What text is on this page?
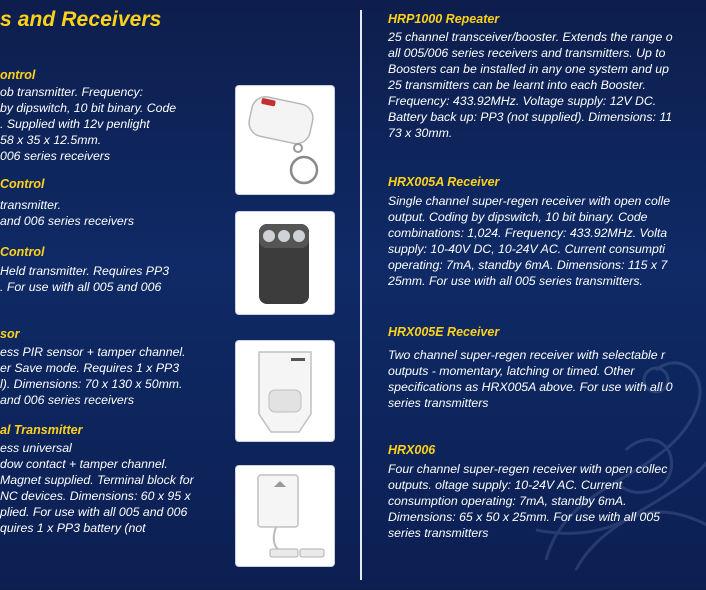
s and Receivers
ontrol
ob transmitter. Frequency:
by dipswitch, 10 bit binary. Code
. Supplied with 12v penlight
58 x 35 x 12.5mm.
006 series receivers
Control
transmitter.
and 006 series receivers
Control
Held transmitter. Requires PP3
. For use with all 005 and 006
sor
ess PIR sensor + tamper channel.
er Save mode. Requires 1 x PP3
l). Dimensions: 70 x 130 x 50mm.
and 006 series receivers
al Transmitter
ess universal
dow contact + tamper channel.
Magnet supplied. Terminal block for
NC devices. Dimensions: 60 x 95 x
plied. For use with all 005 and 006
quires 1 x PP3 battery (not
HRP1000 Repeater
25 channel transceiver/booster. Extends the range o
all 005/006 series receivers and transmitters. Up to
Boosters can be installed in any one system and up
25 transmitters can be learnt into each Booster.
Frequency: 433.92MHz. Voltage supply: 12V DC.
Battery back up: PP3 (not supplied). Dimensions: 11
73 x 30mm.
HRX005A Receiver
Single channel super-regen receiver with open colle
output. Coding by dipswitch, 10 bit binary. Code
combinations: 1,024. Frequency: 433.92MHz. Volta
supply: 10-40V DC, 10-24V AC. Current consumpti
operating: 7mA, standby 6mA. Dimensions: 115 x 7
25mm. For use with all 005 series transmitters.
HRX005E Receiver
Two channel super-regen receiver with selectable r
outputs - momentary, latching or timed. Other
specifications as HRX005A above. For use with all 0
series transmitters
HRX006
Four channel super-regen receiver with open collec
outputs. oltage supply: 10-24V AC. Current
consumption operating: 7mA, standby 6mA.
Dimensions: 65 x 50 x 25mm. For use with all 005
series transmitters
